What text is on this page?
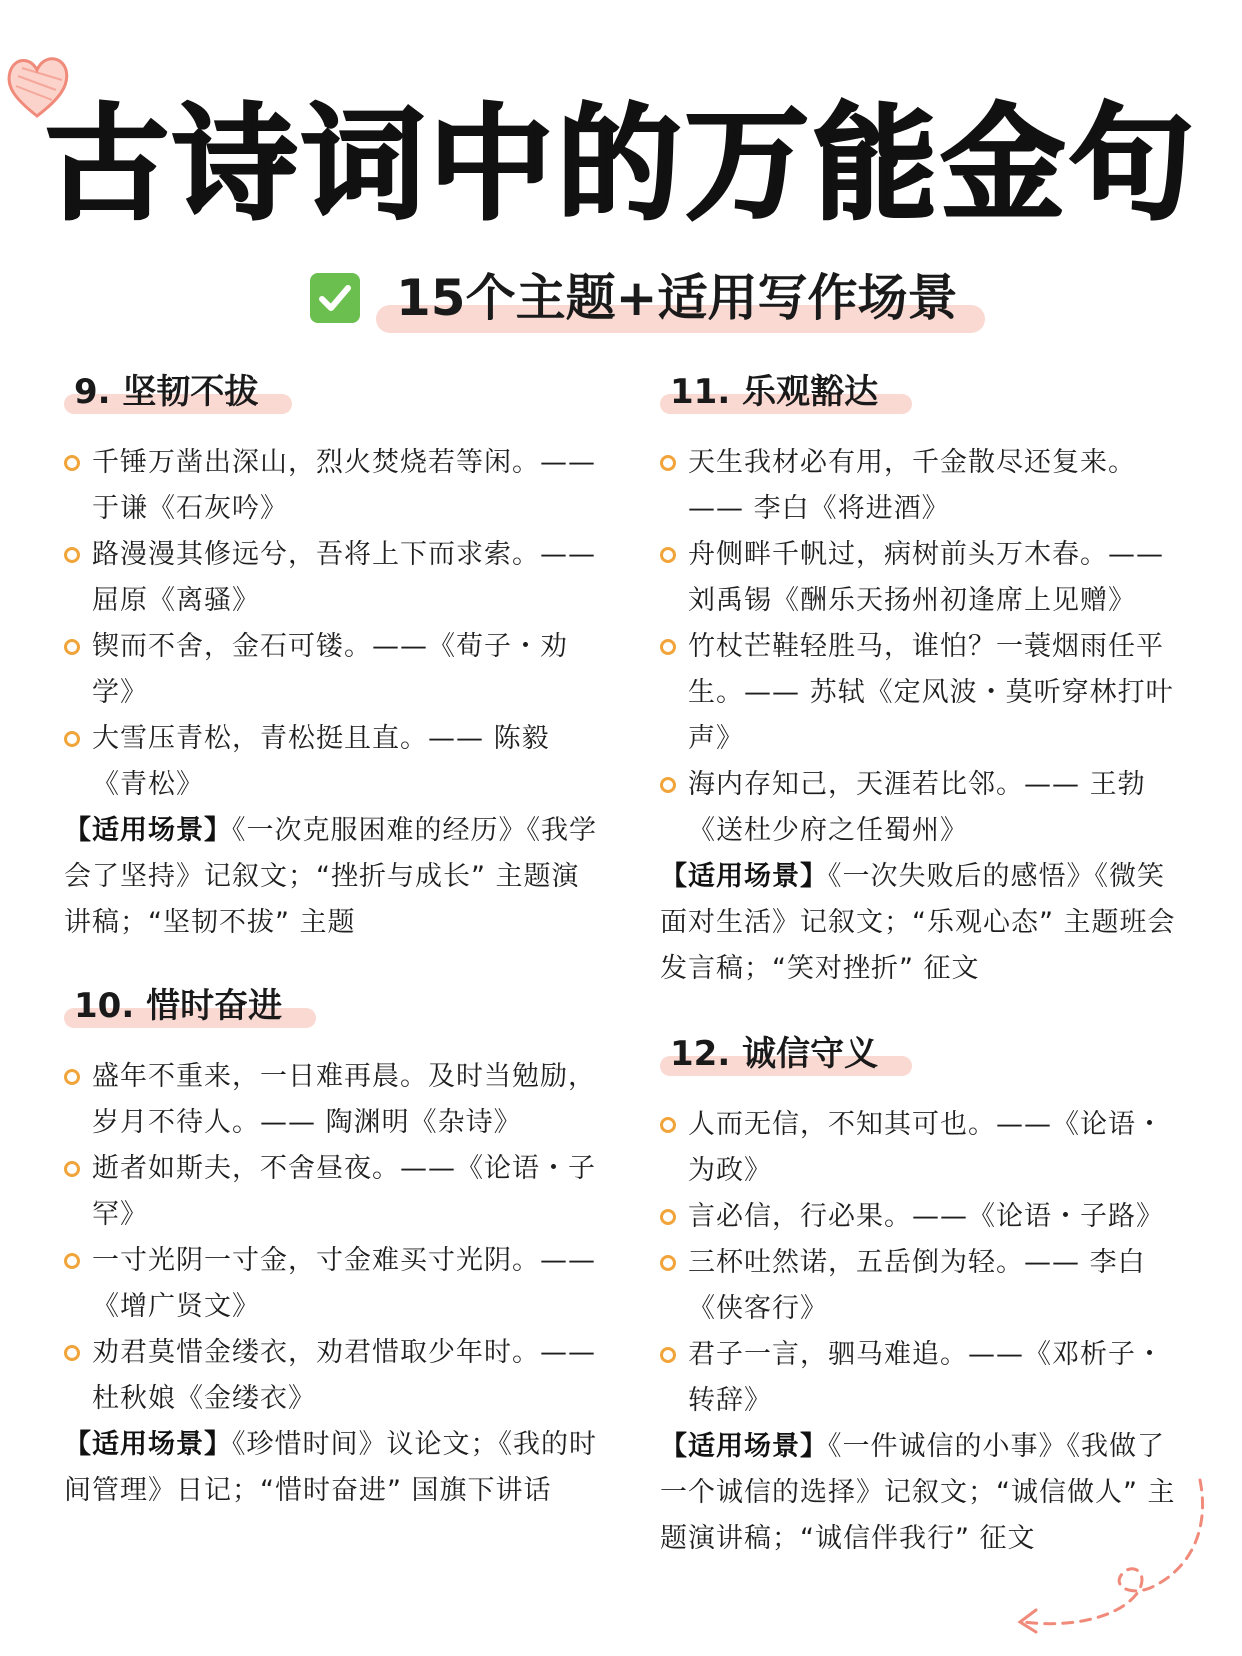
古诗词中的万能金句
15个主题+适用写作场景
9. 坚韧不拔
千锤万凿出深山，烈火焚烧若等闲。—— 于谦《石灰吟》
路漫漫其修远兮，吾将上下而求索。—— 屈原《离骚》
锲而不舍，金石可镂。——《荀子・劝学》
大雪压青松，青松挺且直。—— 陈毅《青松》

【适用场景】《一次克服困难的经历》《我学会了坚持》记叙文；“挫折与成长” 主题演讲稿；“坚韧不拔” 主题

10. 惜时奋进
盛年不重来，一日难再晨。及时当勉励，岁月不待人。—— 陶渊明《杂诗》
逝者如斯夫，不舍昼夜。——《论语・子罕》
一寸光阴一寸金，寸金难买寸光阴。——《增广贤文》
劝君莫惜金缕衣，劝君惜取少年时。—— 杜秋娘《金缕衣》

【适用场景】《珍惜时间》议论文；《我的时间管理》日记；“惜时奋进” 国旗下讲话

11. 乐观豁达
天生我材必有用，千金散尽还复来。—— 李白《将进酒》
舟侧畔千帆过，病树前头万木春。—— 刘禹锡《酬乐天扬州初逢席上见赠》
竹杖芒鞋轻胜马，谁怕？一蓑烟雨任平生。—— 苏轼《定风波・莫听穿林打叶声》
海内存知己，天涯若比邻。—— 王勃《送杜少府之任蜀州》

【适用场景】《一次失败后的感悟》《微笑面对生活》记叙文；“乐观心态” 主题班会发言稿；“笑对挫折” 征文

12. 诚信守义
人而无信，不知其可也。——《论语・为政》
言必信，行必果。——《论语・子路》
三杯吐然诺，五岳倒为轻。—— 李白《侠客行》
君子一言，驷马难追。——《邓析子・转辞》

【适用场景】《一件诚信的小事》《我做了一个诚信的选择》记叙文；“诚信做人” 主题演讲稿；“诚信伴我行” 征文
